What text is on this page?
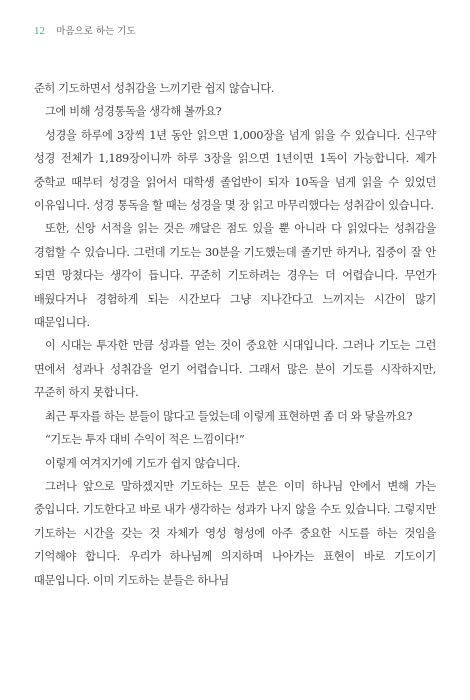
12 마음으로 하는 기도

준히 기도하면서 성취감을 느끼기란 쉽지 않습니다.

그에 비해 성경통독을 생각해 볼까요?

성경을 하루에 3장씩 1년 동안 읽으면 1,000장을 넘게 읽을 수 있습니다. 신구약 성경 전체가 1,189장이니까 하루 3장을 읽으면 1년이면 1독이 가능합니다. 제가 중학교 때부터 성경을 읽어서 대학생 졸업반이 되자 10독을 넘게 읽을 수 있었던 이유입니다. 성경 통독을 할 때는 성경을 몇 장 읽고 마무리했다는 성취감이 있습니다.

또한, 신앙 서적을 읽는 것은 깨달은 점도 있을 뿐 아니라 다 읽었다는 성취감을 경험할 수 있습니다. 그런데 기도는 30분을 기도했는데 졸기만 하거나, 집중이 잘 안 되면 망쳤다는 생각이 듭니다. 꾸준히 기도하려는 경우는 더 어렵습니다. 무언가 배웠다거나 경험하게 되는 시간보다 그냥 지나간다고 느끼지는 시간이 많기 때문입니다.

이 시대는 투자한 만큼 성과를 얻는 것이 중요한 시대입니다. 그러나 기도는 그런 면에서 성과나 성취감을 얻기 어렵습니다. 그래서 많은 분이 기도를 시작하지만, 꾸준히 하지 못합니다.

최근 투자를 하는 분들이 많다고 들었는데 이렇게 표현하면 좀 더 와 닿을까요?

“기도는 투자 대비 수익이 적은 느낌이다!”

이렇게 여겨지기에 기도가 쉽지 않습니다.

그러나 앞으로 말하겠지만 기도하는 모든 분은 이미 하나님 안에서 변해 가는 중입니다. 기도한다고 바로 내가 생각하는 성과가 나지 않을 수도 있습니다. 그렇지만 기도하는 시간을 갖는 것 자체가 영성 형성에 아주 중요한 시도를 하는 것임을 기억해야 합니다. 우리가 하나님께 의지하며 나아가는 표현이 바로 기도이기 때문입니다. 이미 기도하는 분들은 하나님
